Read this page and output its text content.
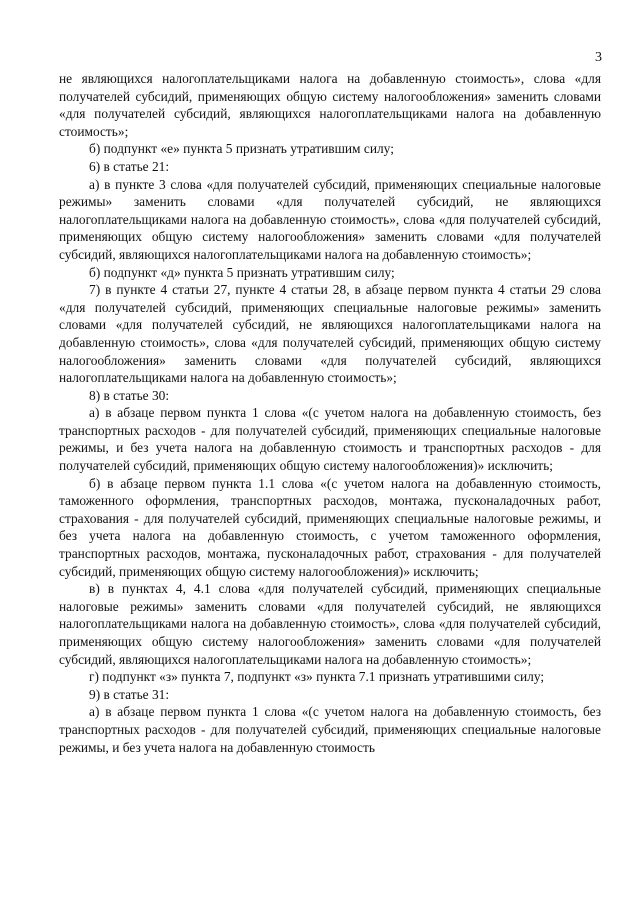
3

не являющихся налогоплательщиками налога на добавленную стоимость», слова «для получателей субсидий, применяющих общую систему налогообложения» заменить словами «для получателей субсидий, являющихся налогоплательщиками налога на добавленную стоимость»;

б) подпункт «е» пункта 5 признать утратившим силу;

6) в статье 21:

а) в пункте 3 слова «для получателей субсидий, применяющих специальные налоговые режимы» заменить словами «для получателей субсидий, не являющихся налогоплательщиками налога на добавленную стоимость», слова «для получателей субсидий, применяющих общую систему налогообложения» заменить словами «для получателей субсидий, являющихся налогоплательщиками налога на добавленную стоимость»;

б) подпункт «д» пункта 5 признать утратившим силу;

7) в пункте 4 статьи 27, пункте 4 статьи 28, в абзаце первом пункта 4 статьи 29 слова «для получателей субсидий, применяющих специальные налоговые режимы» заменить словами «для получателей субсидий, не являющихся налогоплательщиками налога на добавленную стоимость», слова «для получателей субсидий, применяющих общую систему налогообложения» заменить словами «для получателей субсидий, являющихся налогоплательщиками налога на добавленную стоимость»;

8) в статье 30:

а) в абзаце первом пункта 1 слова «(с учетом налога на добавленную стоимость, без транспортных расходов - для получателей субсидий, применяющих специальные налоговые режимы, и без учета налога на добавленную стоимость и транспортных расходов - для получателей субсидий, применяющих общую систему налогообложения)» исключить;

б) в абзаце первом пункта 1.1 слова «(с учетом налога на добавленную стоимость, таможенного оформления, транспортных расходов, монтажа, пусконаладочных работ, страхования - для получателей субсидий, применяющих специальные налоговые режимы, и без учета налога на добавленную стоимость, с учетом таможенного оформления, транспортных расходов, монтажа, пусконаладочных работ, страхования - для получателей субсидий, применяющих общую систему налогообложения)» исключить;

в) в пунктах 4, 4.1 слова «для получателей субсидий, применяющих специальные налоговые режимы» заменить словами «для получателей субсидий, не являющихся налогоплательщиками налога на добавленную стоимость», слова «для получателей субсидий, применяющих общую систему налогообложения» заменить словами «для получателей субсидий, являющихся налогоплательщиками налога на добавленную стоимость»;

г) подпункт «з» пункта 7, подпункт «з» пункта 7.1 признать утратившими силу;

9) в статье 31:

а) в абзаце первом пункта 1 слова «(с учетом налога на добавленную стоимость, без транспортных расходов - для получателей субсидий, применяющих специальные налоговые режимы, и без учета налога на добавленную стоимость
